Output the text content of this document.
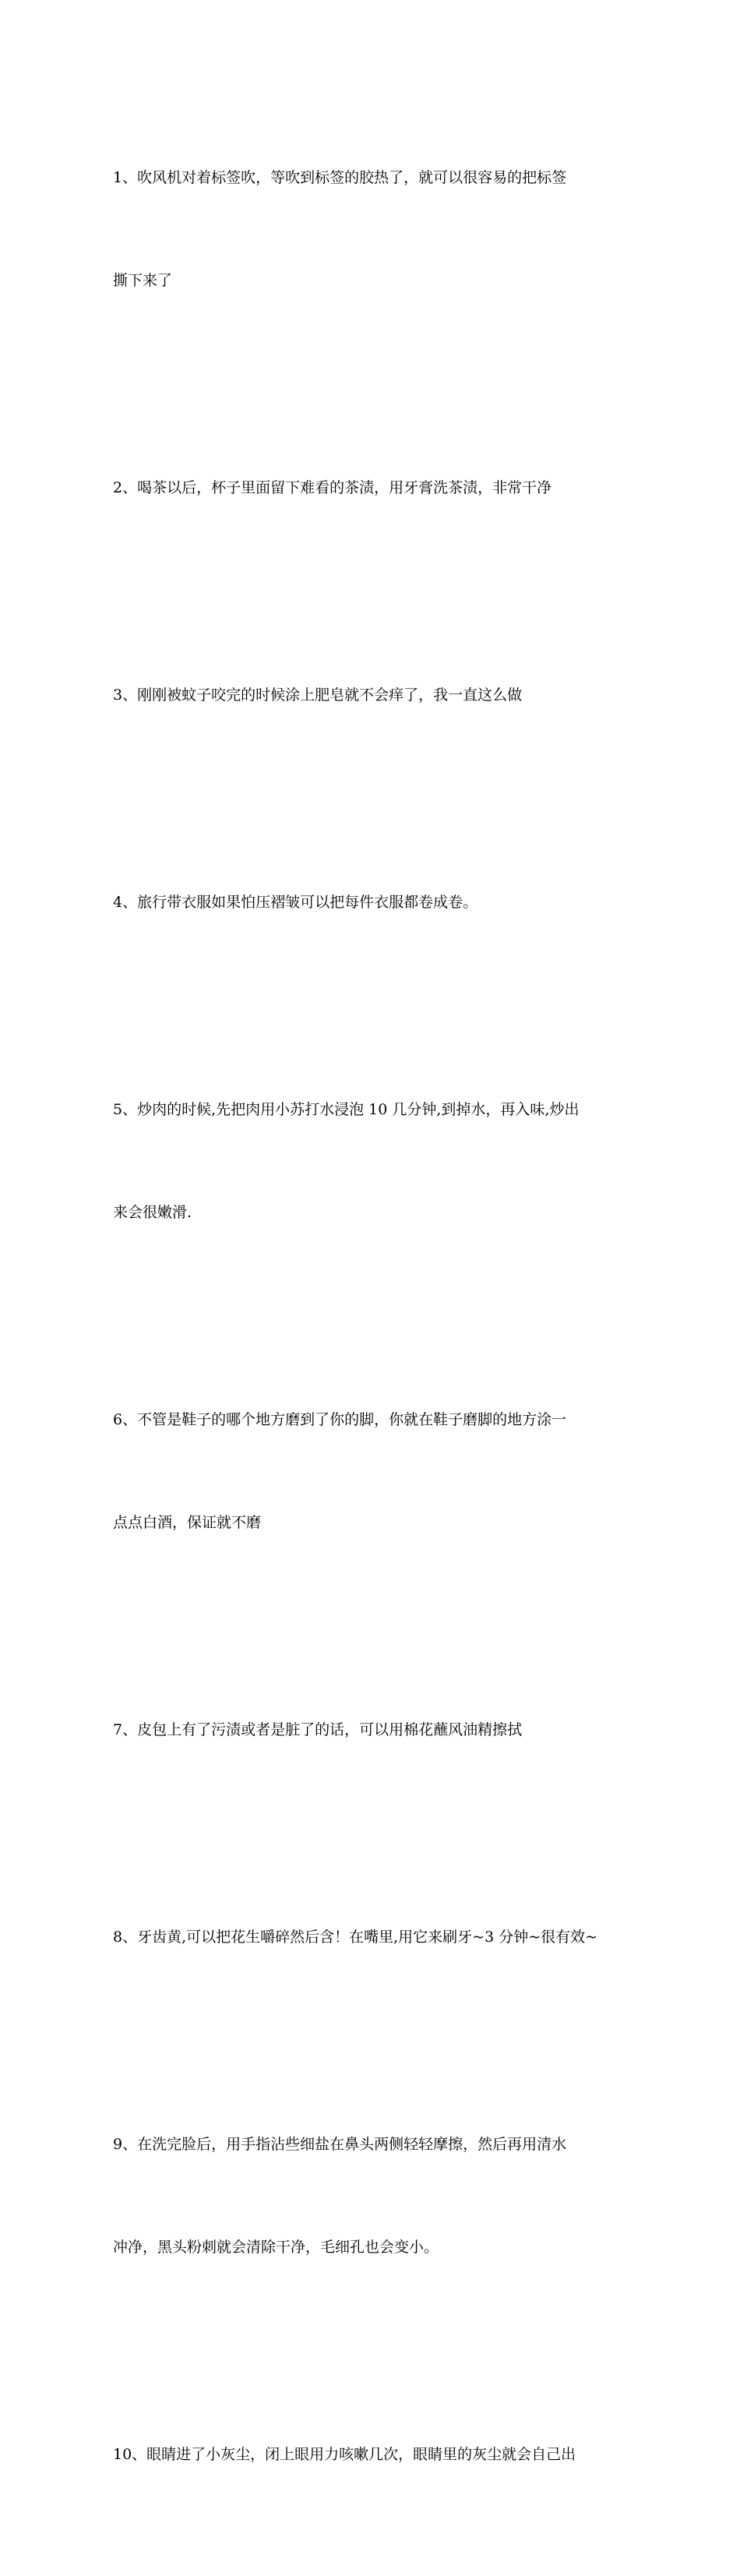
1、吹风机对着标签吹，等吹到标签的胶热了，就可以很容易的把标签

撕下来了

2、喝茶以后，杯子里面留下难看的茶渍，用牙膏洗茶渍，非常干净

3、刚刚被蚊子咬完的时候涂上肥皂就不会痒了，我一直这么做

4、旅行带衣服如果怕压褶皱可以把每件衣服都卷成卷。

5、炒肉的时候,先把肉用小苏打水浸泡 10 几分钟,到掉水，再入味,炒出

来会很嫩滑.

6、不管是鞋子的哪个地方磨到了你的脚，你就在鞋子磨脚的地方涂一

点点白酒，保证就不磨

7、皮包上有了污渍或者是脏了的话，可以用棉花蘸风油精擦拭

8、牙齿黄,可以把花生嚼碎然后含！在嘴里,用它来刷牙~3 分钟~很有效~

9、在洗完脸后，用手指沾些细盐在鼻头两侧轻轻摩擦，然后再用清水

冲净，黑头粉刺就会清除干净，毛细孔也会变小。

10、眼睛进了小灰尘，闭上眼用力咳嗽几次，眼睛里的灰尘就会自己出
